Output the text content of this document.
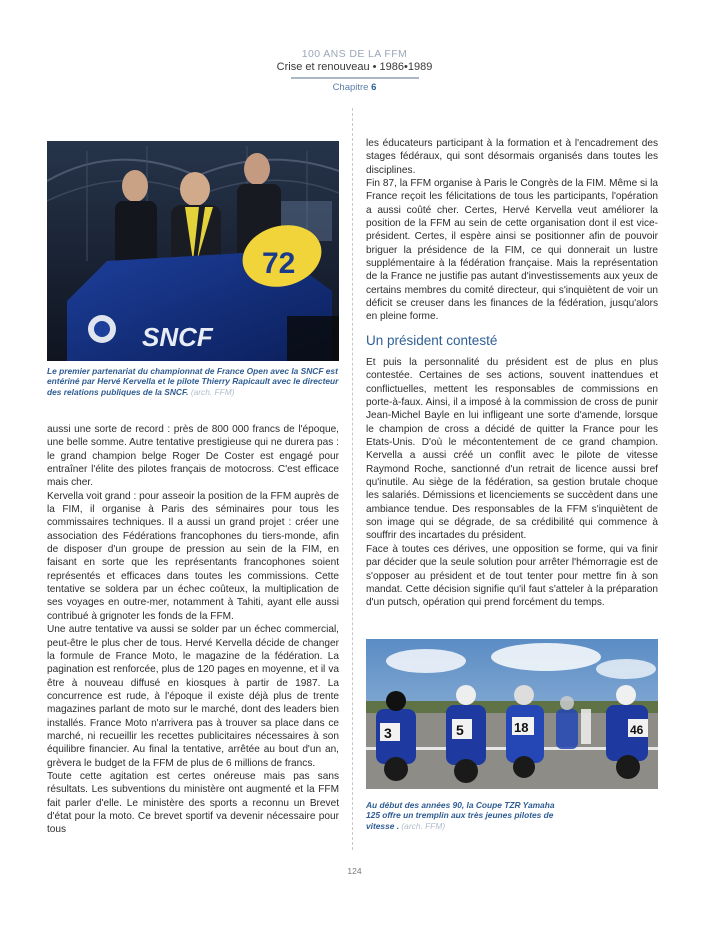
100 ANS DE LA FFM
Crise et renouveau • 1986•1989
Chapitre 6
72
SNCF
Le premier partenariat du championnat de France Open avec la SNCF est entériné par Hervé Kervella et le pilote Thierry Rapicault avec le directeur des relations publiques de la SNCF. (arch. FFM)

aussi une sorte de record : près de 800 000 francs de l'époque, une belle somme. Autre tentative prestigieuse qui ne durera pas : le grand champion belge Roger De Coster est engagé pour entraîner l'élite des pilotes français de motocross. C'est efficace mais cher.

Kervella voit grand : pour asseoir la position de la FFM auprès de la FIM, il organise à Paris des séminaires pour tous les commissaires techniques. Il a aussi un grand projet : créer une association des Fédérations francophones du tiers-monde, afin de disposer d'un groupe de pression au sein de la FIM, en faisant en sorte que les représentants francophones soient représentés et efficaces dans toutes les commissions. Cette tentative se soldera par un échec coûteux, la multiplication de ses voyages en outre-mer, notamment à Tahiti, ayant elle aussi contribué à grignoter les fonds de la FFM.

Une autre tentative va aussi se solder par un échec commercial, peut-être le plus cher de tous. Hervé Kervella décide de changer la formule de France Moto, le magazine de la fédération. La pagination est renforcée, plus de 120 pages en moyenne, et il va être à nouveau diffusé en kiosques à partir de 1987. La concurrence est rude, à l'époque il existe déjà plus de trente magazines parlant de moto sur le marché, dont des leaders bien installés. France Moto n'arrivera pas à trouver sa place dans ce marché, ni recueillir les recettes publicitaires nécessaires à son équilibre financier. Au final la tentative, arrêtée au bout d'un an, grèvera le budget de la FFM de plus de 6 millions de francs.

Toute cette agitation est certes onéreuse mais pas sans résultats. Les subventions du ministère ont augmenté et la FFM fait parler d'elle. Le ministère des sports a reconnu un Brevet d'état pour la moto. Ce brevet sportif va devenir nécessaire pour tous

les éducateurs participant à la formation et à l'encadrement des stages fédéraux, qui sont désormais organisés dans toutes les disciplines.

Fin 87, la FFM organise à Paris le Congrès de la FIM. Même si la France reçoit les félicitations de tous les participants, l'opération a aussi coûté cher. Certes, Hervé Kervella veut améliorer la position de la FFM au sein de cette organisation dont il est vice-président. Certes, il espère ainsi se positionner afin de pouvoir briguer la présidence de la FIM, ce qui donnerait un lustre supplémentaire à la fédération française. Mais la représentation de la France ne justifie pas autant d'investissements aux yeux de certains membres du comité directeur, qui s'inquiètent de voir un déficit se creuser dans les finances de la fédération, jusqu'alors en pleine forme.

Un président contesté

Et puis la personnalité du président est de plus en plus contestée. Certaines de ses actions, souvent inattendues et conflictuelles, mettent les responsables de commissions en porte-à-faux. Ainsi, il a imposé à la commission de cross de punir Jean-Michel Bayle en lui infligeant une sorte d'amende, lorsque le champion de cross a décidé de quitter la France pour les Etats-Unis. D'où le mécontentement de ce grand champion. Kervella a aussi créé un conflit avec le pilote de vitesse Raymond Roche, sanctionné d'un retrait de licence aussi bref qu'inutile. Au siège de la fédération, sa gestion brutale choque les salariés. Démissions et licenciements se succèdent dans une ambiance tendue. Des responsables de la FFM s'inquiètent de son image qui se dégrade, de sa crédibilité qui commence à souffrir des incartades du président.

Face à toutes ces dérives, une opposition se forme, qui va finir par décider que la seule solution pour arrêter l'hémorragie est de s'opposer au président et de tout tenter pour mettre fin à son mandat. Cette décision signifie qu'il faut s'atteler à la préparation d'un putsch, opération qui prend forcément du temps.

3	5	18	46
Au début des années 90, la Coupe TZR Yamaha 125 offre un tremplin aux très jeunes pilotes de vitesse . (arch. FFM)
124
